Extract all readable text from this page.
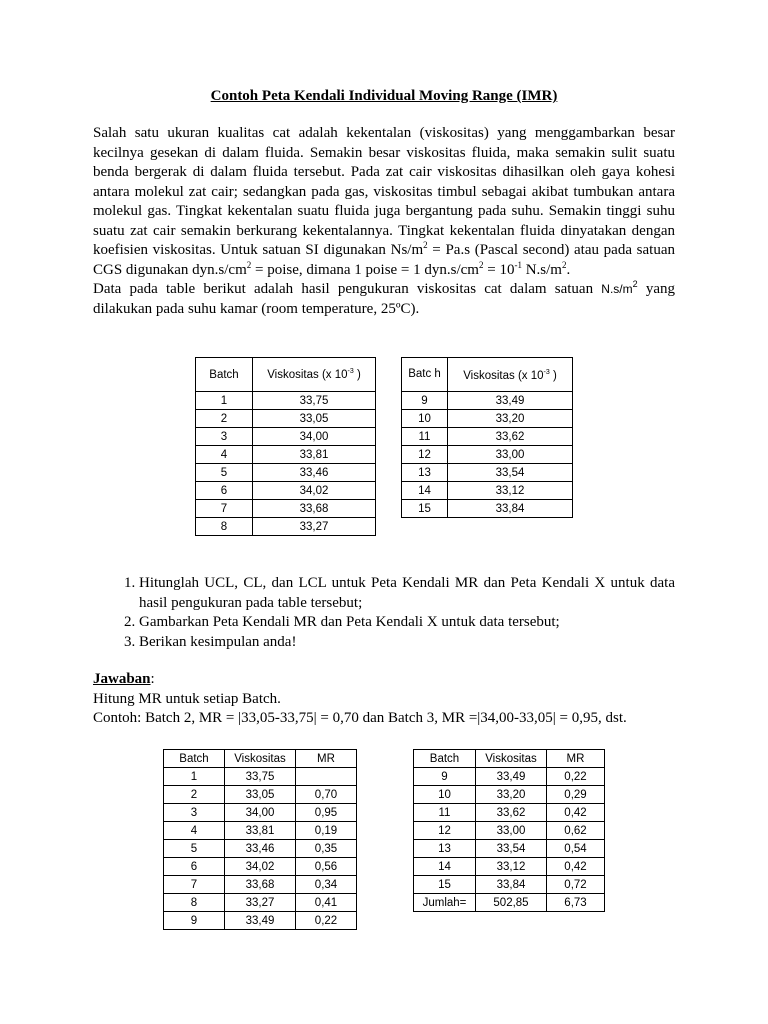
Contoh Peta Kendali Individual Moving Range (IMR)

Salah satu ukuran kualitas cat adalah kekentalan (viskositas) yang menggambarkan besar kecilnya gesekan di dalam fluida. Semakin besar viskositas fluida, maka semakin sulit suatu benda bergerak di dalam fluida tersebut. Pada zat cair viskositas dihasilkan oleh gaya kohesi antara molekul zat cair; sedangkan pada gas, viskositas timbul sebagai akibat tumbukan antara molekul gas. Tingkat kekentalan suatu fluida juga bergantung pada suhu. Semakin tinggi suhu suatu zat cair semakin berkurang kekentalannya. Tingkat kekentalan fluida dinyatakan dengan koefisien viskositas. Untuk satuan SI digunakan $Ns/m^2 = Pa.s$ (Pascal second) atau pada satuan CGS digunakan $dyn.s/cm^2$ = poise, dimana 1 poise = 1 $dyn.s/cm^2 = 10^{-1}$ $N.s/m^2$.

Data pada table berikut adalah hasil pengukuran viskositas cat dalam satuan $N.s/m^2$ yang dilakukan pada suhu kamar (room temperature, 25ºC).

Batch	Viskositas (x $10^{-3}$ )
1	33,75
2	33,05
3	34,00
4	33,81
5	33,46
6	34,02
7	33,68
8	33,27
Batc h	Viskositas (x $10^{-3}$ )
9	33,49
10	33,20
11	33,62
12	33,00
13	33,54
14	33,12
15	33,84
1. Hitunglah UCL, CL, dan LCL untuk Peta Kendali MR dan Peta Kendali X untuk data hasil pengukuran pada table tersebut;
2. Gambarkan Peta Kendali MR dan Peta Kendali X untuk data tersebut;
3. Berikan kesimpulan anda!

Jawaban:

Hitung MR untuk setiap Batch.

Contoh: Batch 2, MR = |33,05-33,75| = 0,70 dan Batch 3, MR =|34,00-33,05| = 0,95, dst.

Batch	Viskositas	MR
1	33,75	
2	33,05	0,70
3	34,00	0,95
4	33,81	0,19
5	33,46	0,35
6	34,02	0,56
7	33,68	0,34
8	33,27	0,41
9	33,49	0,22
Batch	Viskositas	MR
9	33,49	0,22
10	33,20	0,29
11	33,62	0,42
12	33,00	0,62
13	33,54	0,54
14	33,12	0,42
15	33,84	0,72
Jumlah=	502,85	6,73
